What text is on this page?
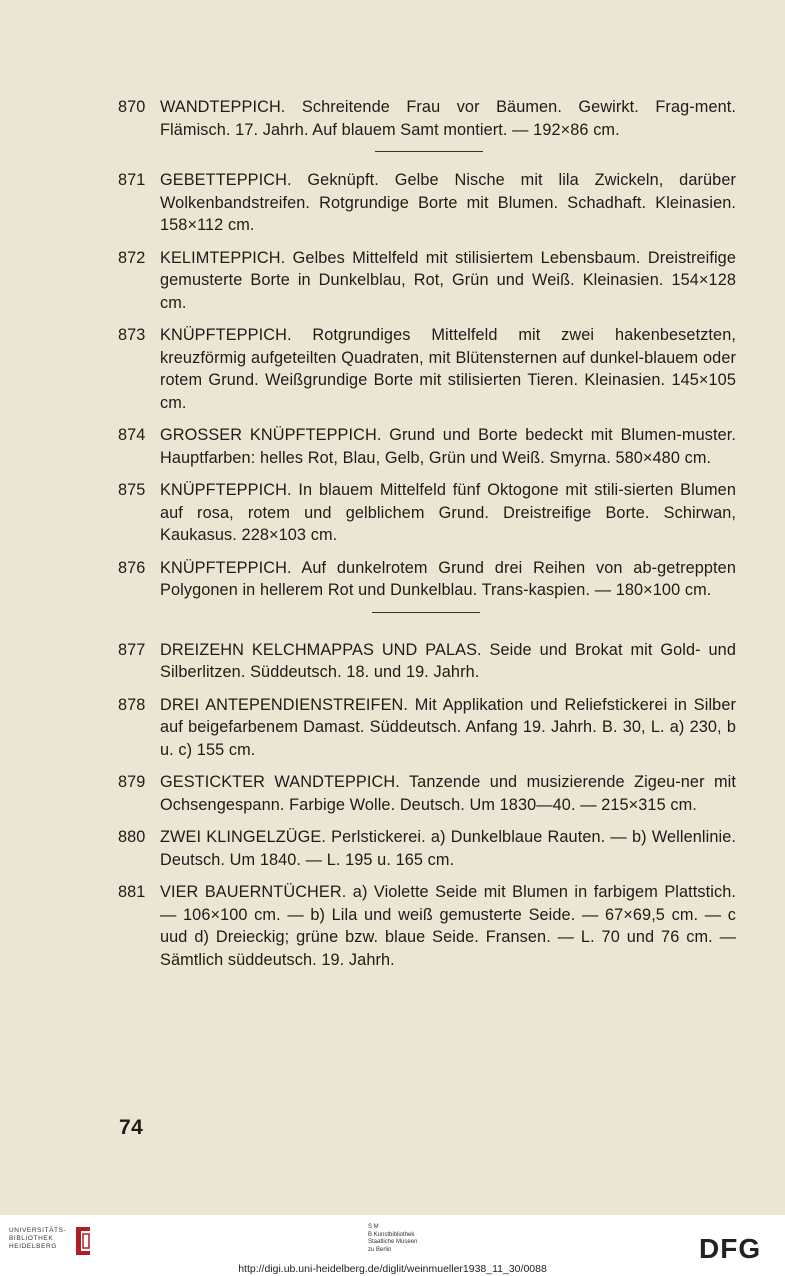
870 WANDTEPPICH. Schreitende Frau vor Bäumen. Gewirkt. Frag-ment. Flämisch. 17. Jahrh. Auf blauem Samt montiert. — 192×86 cm.
871 GEBETTEPPICH. Geknüpft. Gelbe Nische mit lila Zwickeln, darüber Wolkenbandstreifen. Rotgrundige Borte mit Blumen. Schadhaft. Kleinasien. 158×112 cm.
872 KELIMTEPPICH. Gelbes Mittelfeld mit stilisiertem Lebensbaum. Dreistreifige gemusterte Borte in Dunkelblau, Rot, Grün und Weiß. Kleinasien. 154×128 cm.
873 KNÜPFTEPPICH. Rotgrundiges Mittelfeld mit zwei hakenbesetzten, kreuzförmig aufgeteilten Quadraten, mit Blütensternen auf dunkel-blauem oder rotem Grund. Weißgrundige Borte mit stilisierten Tieren. Kleinasien. 145×105 cm.
874 GROSSER KNÜPFTEPPICH. Grund und Borte bedeckt mit Blumen-muster. Hauptfarben: helles Rot, Blau, Gelb, Grün und Weiß. Smyrna. 580×480 cm.
875 KNÜPFTEPPICH. In blauem Mittelfeld fünf Oktogone mit stili-sierten Blumen auf rosa, rotem und gelblichem Grund. Dreistreifige Borte. Schirwan, Kaukasus. 228×103 cm.
876 KNÜPFTEPPICH. Auf dunkelrotem Grund drei Reihen von ab-getreppten Polygonen in hellerem Rot und Dunkelblau. Trans-kaspien. — 180×100 cm.
877 DREIZEHN KELCHMAPPAS UND PALAS. Seide und Brokat mit Gold- und Silberlitzen. Süddeutsch. 18. und 19. Jahrh.
878 DREI ANTEPENDIENSTREIFEN. Mit Applikation und Reliefstickerei in Silber auf beigefarbenem Damast. Süddeutsch. Anfang 19. Jahrh. B. 30, L. a) 230, b u. c) 155 cm.
879 GESTICKTER WANDTEPPICH. Tanzende und musizierende Zigeu-ner mit Ochsengespann. Farbige Wolle. Deutsch. Um 1830—40. — 215×315 cm.
880 ZWEI KLINGELZÜGE. Perlstickerei. a) Dunkelblaue Rauten. — b) Wellenlinie. Deutsch. Um 1840. — L. 195 u. 165 cm.
881 VIER BAUERNTÜCHER. a) Violette Seide mit Blumen in farbigem Plattstich. — 106×100 cm. — b) Lila und weiß gemusterte Seide. — 67×69,5 cm. — c uud d) Dreieckig; grüne bzw. blaue Seide. Fransen. — L. 70 und 76 cm. — Sämtlich süddeutsch. 19. Jahrh.
74
UNIVERSITÄTS-
BIBLIOTHEK
HEIDELBERG
S M
B Kunstbibliothek
Staatliche Museen
zu Berlin	DFG
http://digi.ub.uni-heidelberg.de/diglit/weinmueller1938_11_30/0088
